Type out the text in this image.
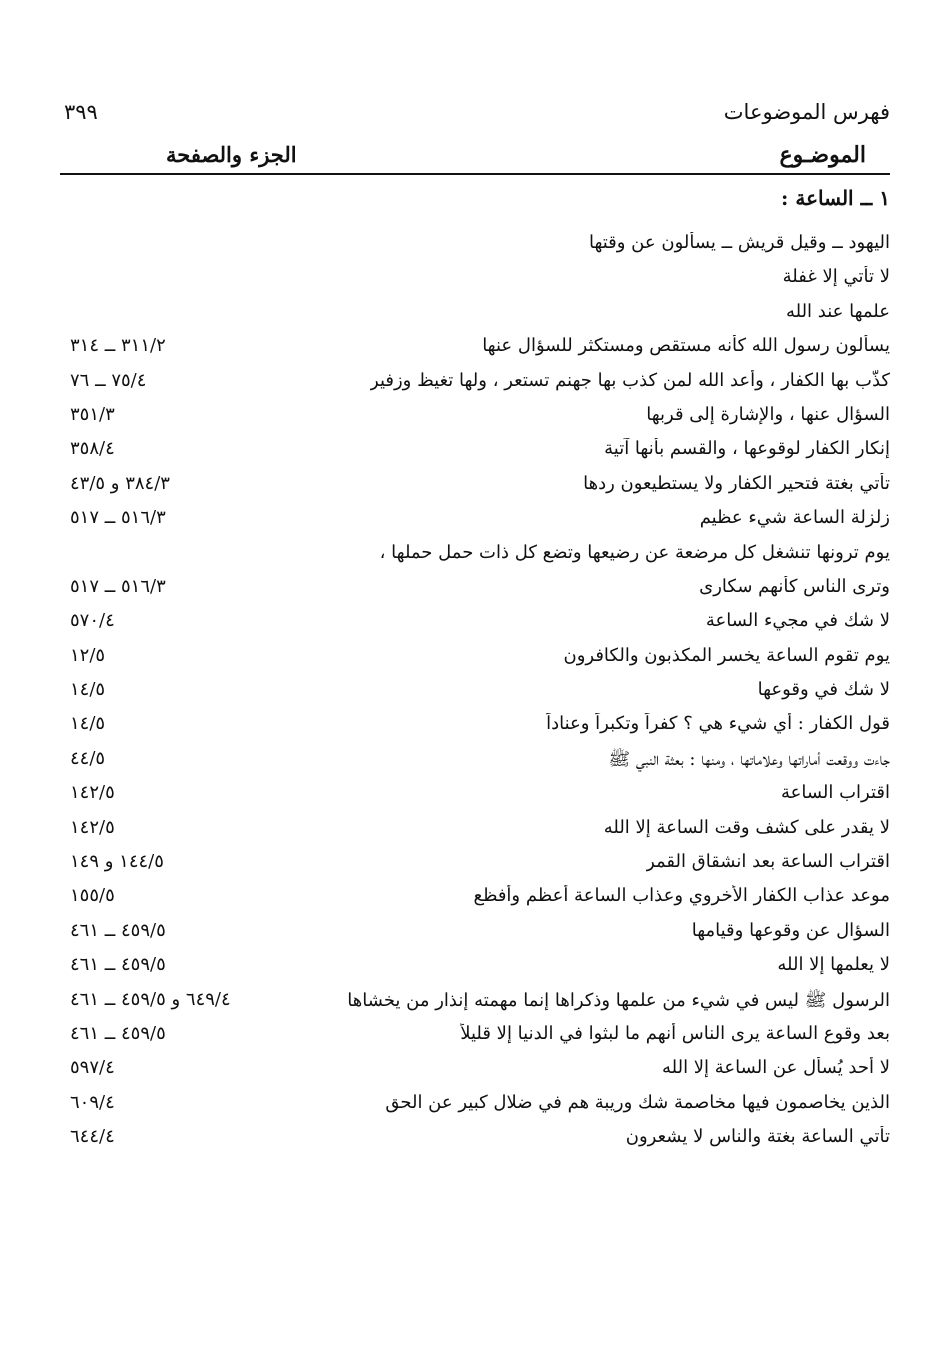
فهرس الموضوعات
٣٩٩
الموضـوع
الجزء والصفحة
١ ــ الساعة :
اليهود ــ وقيل قريش ــ يسألون عن وقتها
لا تأتي إلا غفلة
علمها عند الله
يسألون رسول الله كأنه مستقص ومستكثر للسؤال عنها
٣١١/٢ ــ ٣١٤
كذّب بها الكفار ، وأعد الله لمن كذب بها جهنم تستعر ، ولها تغيظ وزفير
٧٥/٤ ــ ٧٦
السؤال عنها ، والإشارة إلى قربها
٣٥١/٣
إنكار الكفار لوقوعها ، والقسم بأنها آتية
٣٥٨/٤
تأتي بغتة فتحير الكفار ولا يستطيعون ردها
٣٨٤/٣ و ٤٣/٥
زلزلة الساعة شيء عظيم
٥١٦/٣ ــ ٥١٧
يوم ترونها تنشغل كل مرضعة عن رضيعها وتضع كل ذات حمل حملها ،
وترى الناس كأنهم سكارى
٥١٦/٣ ــ ٥١٧
لا شك في مجيء الساعة
٥٧٠/٤
يوم تقوم الساعة يخسر المكذبون والكافرون
١٢/٥
لا شك في وقوعها
١٤/٥
قول الكفار : أي شيء هي ؟ كفراً وتكبراً وعناداً
١٤/٥
جاءت ووقعت أماراتها وعلاماتها ، ومنها : بعثة النبي ﷺ
٤٤/٥
اقتراب الساعة
١٤٢/٥
لا يقدر على كشف وقت الساعة إلا الله
١٤٢/٥
اقتراب الساعة بعد انشقاق القمر
١٤٤/٥ و ١٤٩
موعد عذاب الكفار الأخروي وعذاب الساعة أعظم وأفظع
١٥٥/٥
السؤال عن وقوعها وقيامها
٤٥٩/٥ ــ ٤٦١
لا يعلمها إلا الله
٤٥٩/٥ ــ ٤٦١
الرسول ﷺ ليس في شيء من علمها وذكراها إنما مهمته إنذار من يخشاها
٦٤٩/٤ و ٤٥٩/٥ ــ ٤٦١
بعد وقوع الساعة يرى الناس أنهم ما لبثوا في الدنيا إلا قليلاً
٤٥٩/٥ ــ ٤٦١
لا أحد يُسأل عن الساعة إلا الله
٥٩٧/٤
الذين يخاصمون فيها مخاصمة شك وريبة هم في ضلال كبير عن الحق
٦٠٩/٤
تأتي الساعة بغتة والناس لا يشعرون
٦٤٤/٤
